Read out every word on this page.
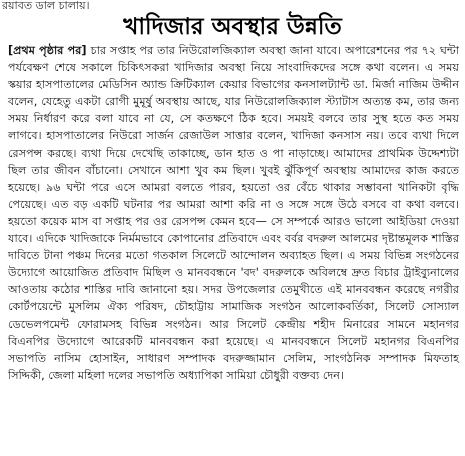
রয়াবত ডাল চালায়।
খাদিজার অবস্থার উন্নতি
[প্রথম পৃষ্ঠার পর] চার সপ্তাহ পর তার নিউরোলজিক্যাল অবস্থা জানা যাবে। অপারেশনের পর ৭২ ঘন্টা পর্যবেক্ষণ শেষে সকালে চিকিৎসকরা খাদিজার অবস্থা নিয়ে সাংবাদিকদের সঙ্গে কথা বলেন। এ সময় স্কয়ার হাসপাতালের মেডিসিন অ্যান্ড ক্রিটিক্যাল কেয়ার বিভাগের কনসালট্যান্ট ডা. মির্জা নাজিম উদ্দীন বলেন, যেহেতু একটা রোগী মুমূর্ষু অবস্থায় আছে, যার নিউরোলজিক্যাল স্ট্যাটাস অত্যন্ত কম, তার জন্য সময় নির্ধারণ করে বলা যাবে না যে, সে কতক্ষণে ঠিক হবে। সময়ই বলবে তার সুস্থ হতে কত সময় লাগবে। হাসপাতালের নিউরো সার্জন রেজাউল সাত্তার বলেন, খাদিজা কনসাস নয়। তবে ব্যথা দিলে রেসপন্স করছে। ব্যথা দিয়ে দেখেছি তাকাচ্ছে, ডান হাত ও পা নাড়াচ্ছে। আমাদের প্রাথমিক উদ্দেশ্যটা ছিল তার জীবন বাঁচানো। সেখানে আশা খুব কম ছিল। খুবই ঝুঁকিপূর্ণ অবস্থায় আমাদের কাজ করতে হয়েছে। ৯৬ ঘন্টা পরে এসে আমরা বলতে পারব, হয়তো ওর বেঁচে থাকার সম্ভাবনা খানিকটা বৃদ্ধি পেয়েছে। এত বড় একটি ঘটনার পর আমরা আশা করি না ও সঙ্গে সঙ্গে উঠে বসবে বা কথা বলবে। হয়তো কয়েক মাস বা সপ্তাহ পর ওর রেসপন্স কেমন হবে— সে সম্পর্কে আরও ভালো আইডিয়া দেওয়া যাবে। এদিকে খাদিজাকে নির্মমভাবে কোপানোর প্রতিবাদে এবং বর্বর বদরুল আলমের দৃষ্টান্তমূলক শাস্তির দাবিতে টানা পঞ্চম দিনের মতো গতকাল সিলেটে আন্দোলন অব্যাহত ছিল। এ সময় বিভিন্ন সংগঠনের উদ্যোগে আয়োজিত প্রতিবাদ মিছিল ও মানববন্ধনে 'বদ' বদরুলকে অবিলম্বে দ্রুত বিচার ট্রাইব্যুনালের আওতায় কঠোর শাস্তির দাবি জানানো হয়। সদর উপজেলার তেমুখীতে এই মানববন্ধন করেছে নগরীর কোর্টপয়েন্টে মুসলিম ঐক্য পরিষদ, চৌহাট্টায় সামাজিক সংগঠন আলোকবর্তিকা, সিলেট সোস্যাল ডেভেলপমেন্ট ফোরামসহ বিভিন্ন সংগঠন। আর সিলেট কেন্দ্রীয় শহীদ মিনারের সামনে মহানগর বিএনপির উদ্যোগে আরেকটি মানববন্ধন করা হয়েছে। এ মানববন্ধনে সিলেট মহানগর বিএনপির সভাপতি নাসিম হোসাইন, সাধারণ সম্পাদক বদরুজ্জামান সেলিম, সাংগঠনিক সম্পাদক মিফতাহ সিদ্দিকী, জেলা মহিলা দলের সভাপতি অধ্যাপিকা সামিয়া চৌধুরী বক্তব্য দেন।
